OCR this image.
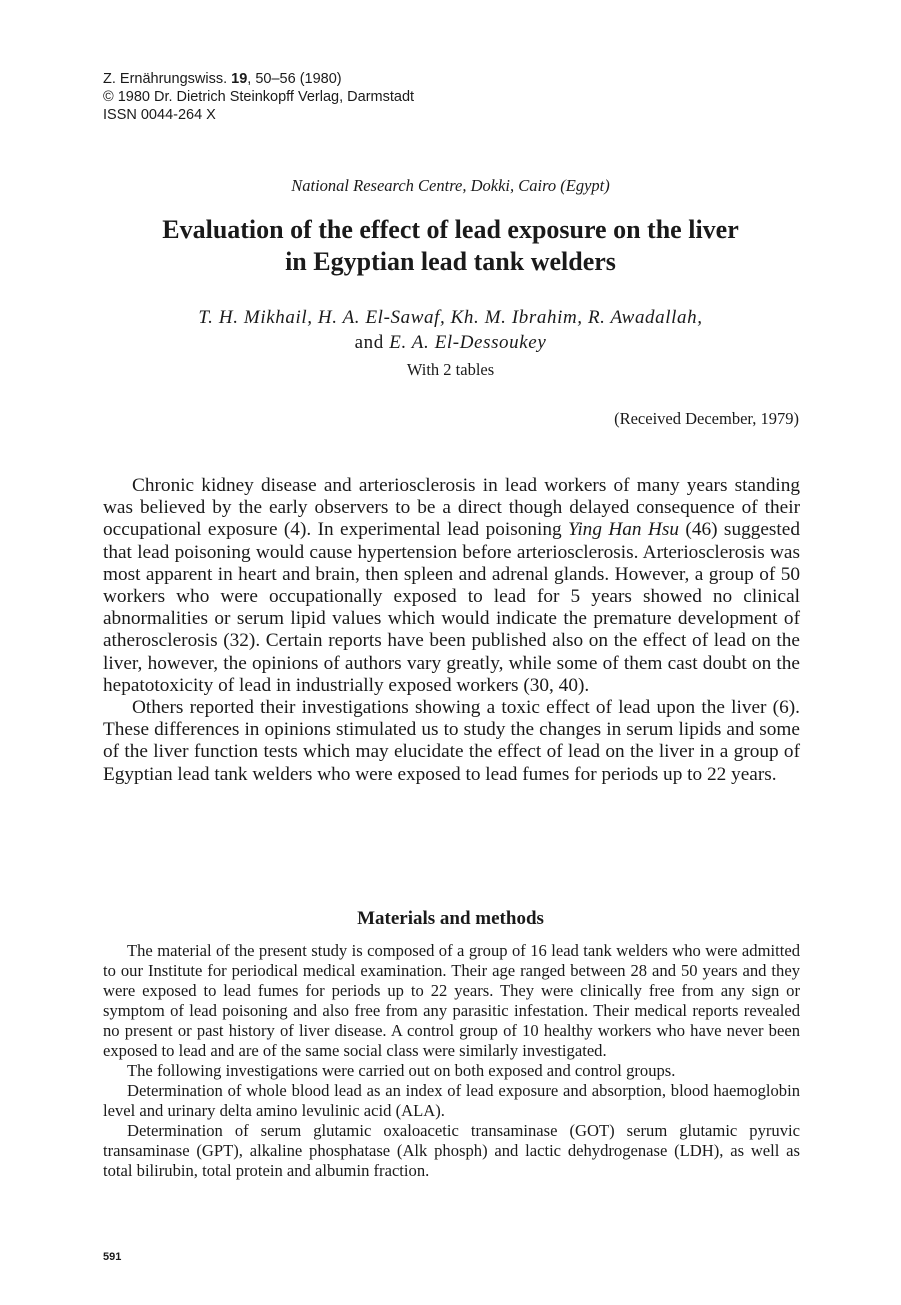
Z. Ernährungswiss. 19, 50–56 (1980)
© 1980 Dr. Dietrich Steinkopff Verlag, Darmstadt
ISSN 0044-264 X
National Research Centre, Dokki, Cairo (Egypt)
Evaluation of the effect of lead exposure on the liver
in Egyptian lead tank welders
T. H. Mikhail, H. A. El-Sawaf, Kh. M. Ibrahim, R. Awadallah,
and E. A. El-Dessoukey
With 2 tables
(Received December, 1979)

Chronic kidney disease and arteriosclerosis in lead workers of many years standing was believed by the early observers to be a direct though delayed consequence of their occupational exposure (4). In experimental lead poisoning Ying Han Hsu (46) suggested that lead poisoning would cause hypertension before arteriosclerosis. Arteriosclerosis was most apparent in heart and brain, then spleen and adrenal glands. However, a group of 50 workers who were occupationally exposed to lead for 5 years showed no clinical abnormalities or serum lipid values which would indicate the premature development of atherosclerosis (32). Certain reports have been published also on the effect of lead on the liver, however, the opinions of authors vary greatly, while some of them cast doubt on the hepatotoxicity of lead in industrially exposed workers (30, 40).

Others reported their investigations showing a toxic effect of lead upon the liver (6). These differences in opinions stimulated us to study the changes in serum lipids and some of the liver function tests which may elucidate the effect of lead on the liver in a group of Egyptian lead tank welders who were exposed to lead fumes for periods up to 22 years.

Materials and methods

The material of the present study is composed of a group of 16 lead tank welders who were admitted to our Institute for periodical medical examination. Their age ranged between 28 and 50 years and they were exposed to lead fumes for periods up to 22 years. They were clinically free from any sign or symptom of lead poisoning and also free from any parasitic infestation. Their medical reports revealed no present or past history of liver disease. A control group of 10 healthy workers who have never been exposed to lead and are of the same social class were similarly investigated.

The following investigations were carried out on both exposed and control groups.

Determination of whole blood lead as an index of lead exposure and absorption, blood haemoglobin level and urinary delta amino levulinic acid (ALA).

Determination of serum glutamic oxaloacetic transaminase (GOT) serum glutamic pyruvic transaminase (GPT), alkaline phosphatase (Alk phosph) and lactic dehydrogenase (LDH), as well as total bilirubin, total protein and albumin fraction.

591
